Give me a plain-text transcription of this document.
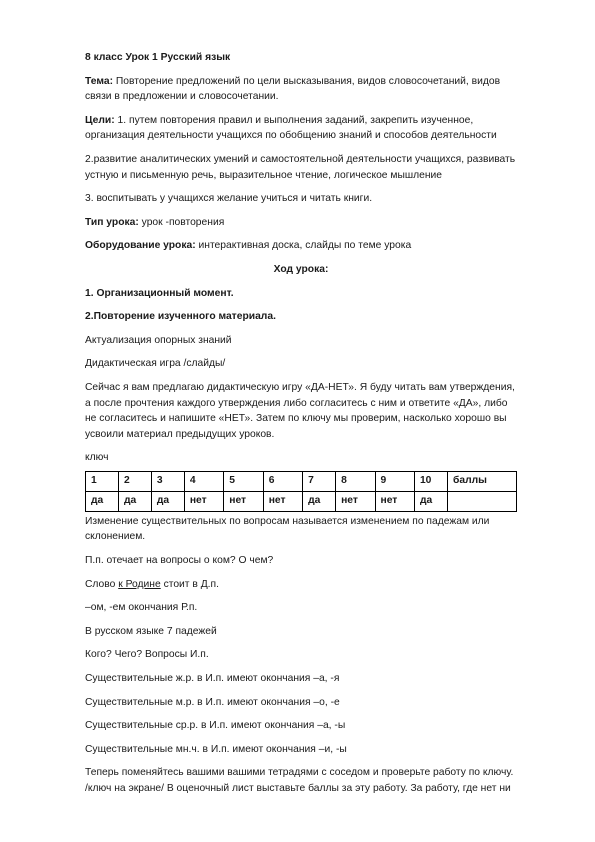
8 класс Урок 1 Русский язык

Тема: Повторение предложений по цели высказывания, видов словосочетаний, видов связи в предложении и словосочетании.

Цели: 1. путем повторения правил и выполнения заданий, закрепить изученное, организация деятельности учащихся по обобщению знаний и способов деятельности

2.развитие аналитических умений и самостоятельной деятельности учащихся, развивать устную и письменную речь, выразительное чтение, логическое мышление

3. воспитывать у учащихся желание учиться и читать книги.

Тип урока: урок -повторения

Оборудование урока: интерактивная доска, слайды по теме урока

Ход урока:

1. Организационный момент.

2.Повторение изученного материала.

Актуализация опорных знаний

Дидактическая игра /слайды/

Сейчас я вам предлагаю дидактическую игру «ДА-НЕТ». Я буду читать вам утверждения, а после прочтения каждого утверждения либо согласитесь с ним и ответите «ДА», либо не согласитесь и напишите «НЕТ». Затем по ключу мы проверим, насколько хорошо вы усвоили материал предыдущих уроков.

ключ

1	2	3	4	5	6	7	8	9	10	баллы
да	да	да	нет	нет	нет	да	нет	нет	да	

Изменение существительных по вопросам называется изменением по падежам или склонением.

П.п. отечает на вопросы о ком? О чем?

Слово к Родине стоит в Д.п.

–ом, -ем окончания Р.п.

В русском языке 7 падежей

Кого? Чего? Вопросы И.п.

Существительные ж.р. в И.п. имеют окончания –а, -я

Существительные м.р. в И.п. имеют окончания –о, -е

Существительные ср.р. в И.п. имеют окончания –а, -ы

Существительные мн.ч. в И.п. имеют окончания –и, -ы

Теперь поменяйтесь вашими вашими тетрадями с соседом и проверьте работу по ключу. /ключ на экране/ В оценочный лист выставьте баллы за эту работу. За работу, где нет ни
